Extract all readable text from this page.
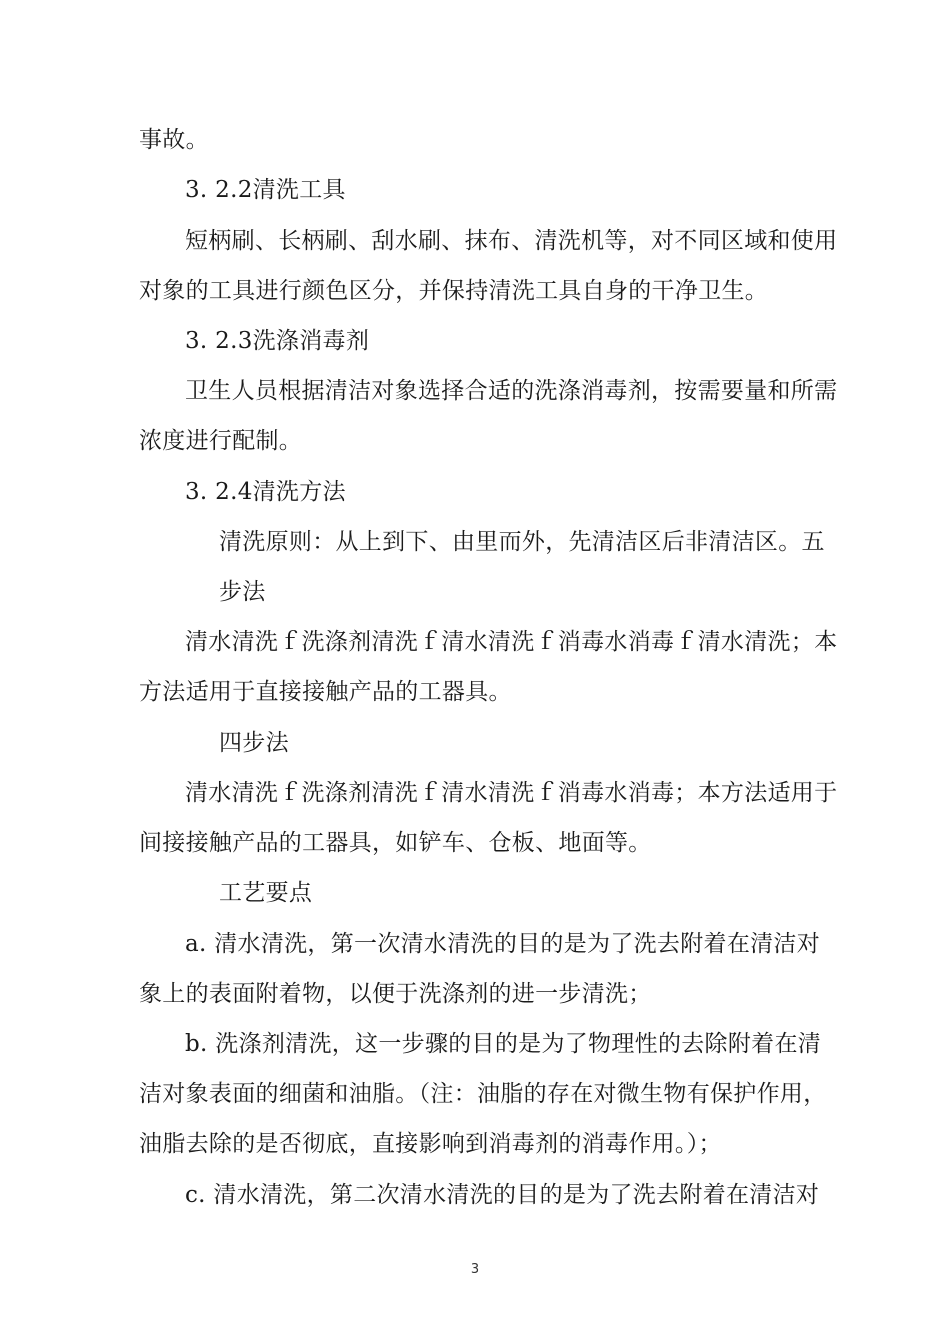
事故。
3. 2.2清洗工具
短柄刷、长柄刷、刮水刷、抹布、清洗机等，对不同区域和使用
对象的工具进行颜色区分，并保持清洗工具自身的干净卫生。
3. 2.3洗涤消毒剂
卫生人员根据清洁对象选择合适的洗涤消毒剂，按需要量和所需
浓度进行配制。
3. 2.4清洗方法
清洗原则：从上到下、由里而外，先清洁区后非清洁区。五
步法
清水清洗ｆ洗涤剂清洗ｆ清水清洗ｆ消毒水消毒ｆ清水清洗；本
方法适用于直接接触产品的工器具。
四步法
清水清洗ｆ洗涤剂清洗ｆ清水清洗ｆ消毒水消毒；本方法适用于
间接接触产品的工器具，如铲车、仓板、地面等。
工艺要点
a. 清水清洗，第一次清水清洗的目的是为了洗去附着在清洁对
象上的表面附着物，以便于洗涤剂的进一步清洗；
b. 洗涤剂清洗，这一步骤的目的是为了物理性的去除附着在清
洁对象表面的细菌和油脂。（注：油脂的存在对微生物有保护作用，
油脂去除的是否彻底，直接影响到消毒剂的消毒作用。）；
c. 清水清洗，第二次清水清洗的目的是为了洗去附着在清洁对
3
